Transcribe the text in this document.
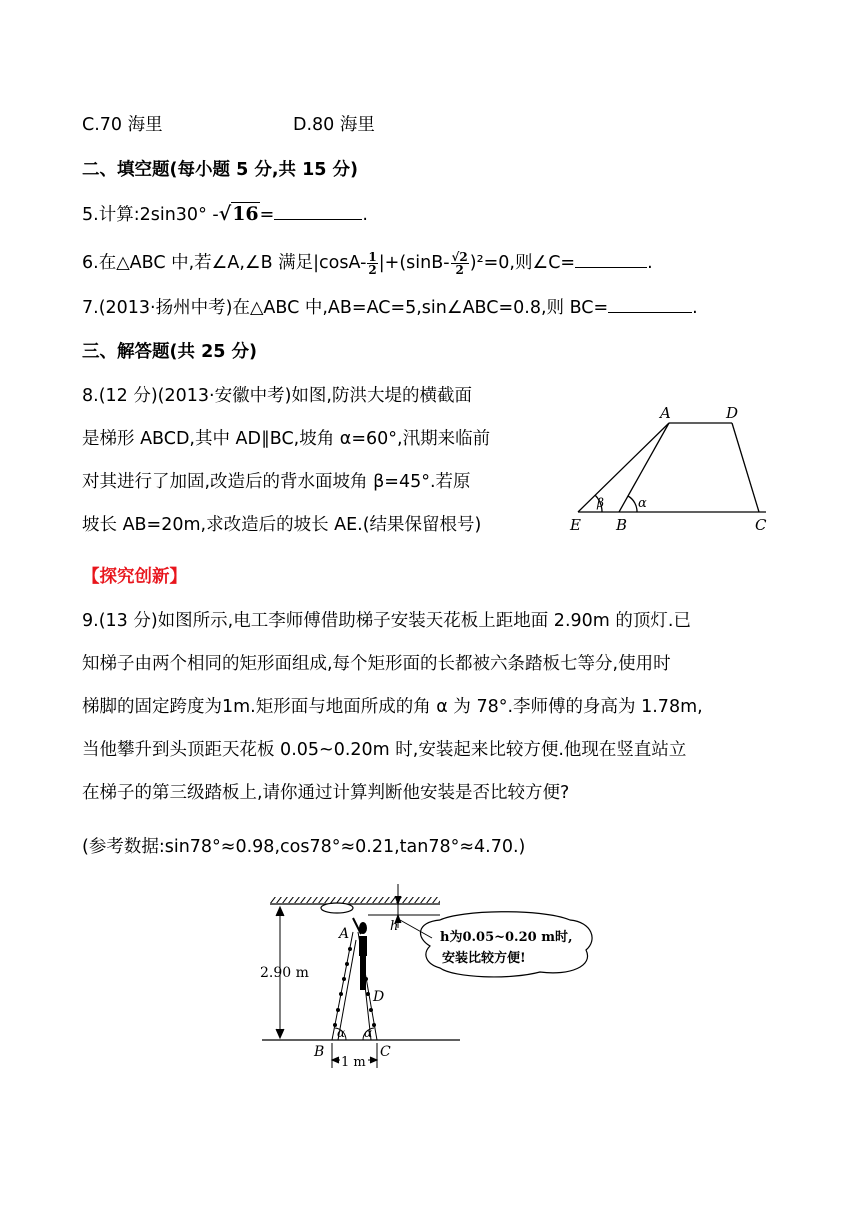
C.70 海里	D.80 海里
二、填空题(每小题 5 分,共 15 分)
5.计算:2sin30° -√16=	.
6.在△ABC 中,若∠A,∠B 满足$|\cos A- \frac{1}{2} |+(\sin B- \frac{√2}{2} )^2=0$,则∠C=	.
7.(2013·扬州中考)在△ABC 中,AB=AC=5,sin∠ABC=0.8,则 BC=	.
三、解答题(共 25 分)
8.(12 分)(2013·安徽中考)如图,防洪大堤的横截面
是梯形 ABCD,其中 AD∥BC,坡角 α=60°,汛期来临前
对其进行了加固,改造后的背水面坡角 β=45°.若原
坡长 AB=20m,求改造后的坡长 AE.(结果保留根号)
A	D
E B	C
β	α
【探究创新】
9.(13 分)如图所示,电工李师傅借助梯子安装天花板上距地面 2.90m 的顶灯.已
知梯子由两个相同的矩形面组成,每个矩形面的长都被六条踏板七等分,使用时
梯脚的固定跨度为1m.矩形面与地面所成的角 α 为 78°.李师傅的身高为 1.78m,
当他攀升到头顶距天花板 0.05~0.20m 时,安装起来比较方便.他现在竖直站立
在梯子的第三级踏板上,请你通过计算判断他安装是否比较方便?
(参考数据:sin78°≈0.98,cos78°≈0.21,tan78°≈4.70.)
h为0.05~0.20 m时,
安装比较方便!
2.90 m
1 m
A
D
B	C
h
α α
